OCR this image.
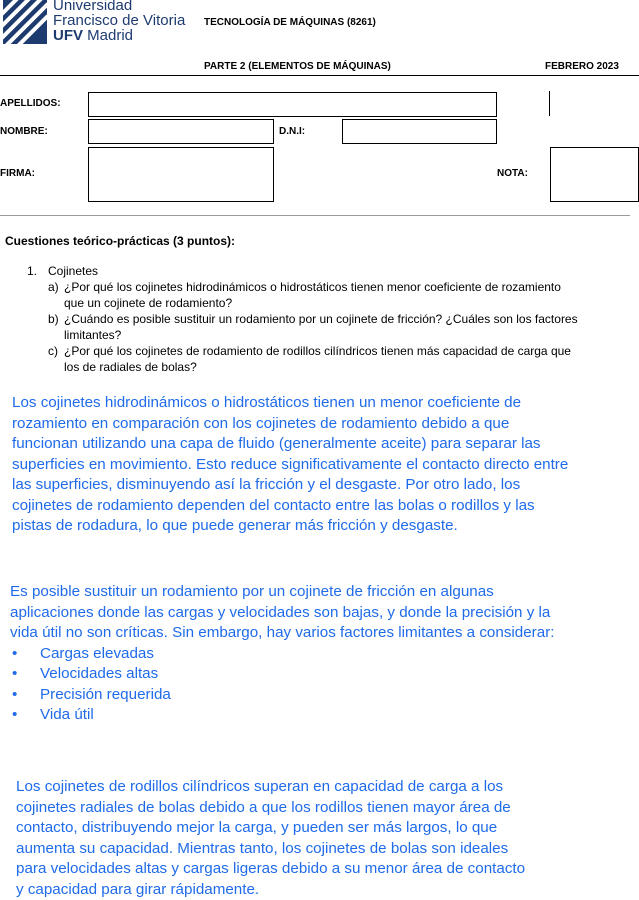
Universidad
Francisco de Vitoria
UFV Madrid
TECNOLOGÍA DE MÁQUINAS (8261)
PARTE 2 (ELEMENTOS DE MÁQUINAS)	FEBRERO 2023
APELLIDOS:
NOMBRE:	D.N.I:
FIRMA:	NOTA:
Cuestiones teórico-prácticas (3 puntos):
1. Cojinetes
a) ¿Por qué los cojinetes hidrodinámicos o hidrostáticos tienen menor coeficiente de rozamiento
que un cojinete de rodamiento?
b) ¿Cuándo es posible sustituir un rodamiento por un cojinete de fricción? ¿Cuáles son los factores
limitantes?
c) ¿Por qué los cojinetes de rodamiento de rodillos cilíndricos tienen más capacidad de carga que
los de radiales de bolas?

Los cojinetes hidrodinámicos o hidrostáticos tienen un menor coeficiente de

rozamiento en comparación con los cojinetes de rodamiento debido a que

funcionan utilizando una capa de fluido (generalmente aceite) para separar las

superficies en movimiento. Esto reduce significativamente el contacto directo entre

las superficies, disminuyendo así la fricción y el desgaste. Por otro lado, los

cojinetes de rodamiento dependen del contacto entre las bolas o rodillos y las

pistas de rodadura, lo que puede generar más fricción y desgaste.

Es posible sustituir un rodamiento por un cojinete de fricción en algunas

aplicaciones donde las cargas y velocidades son bajas, y donde la precisión y la

vida útil no son críticas. Sin embargo, hay varios factores limitantes a considerar:

•	Cargas elevadas
•	Velocidades altas
•	Precisión requerida
•	Vida útil

Los cojinetes de rodillos cilíndricos superan en capacidad de carga a los

cojinetes radiales de bolas debido a que los rodillos tienen mayor área de

contacto, distribuyendo mejor la carga, y pueden ser más largos, lo que

aumenta su capacidad. Mientras tanto, los cojinetes de bolas son ideales

para velocidades altas y cargas ligeras debido a su menor área de contacto

y capacidad para girar rápidamente.
